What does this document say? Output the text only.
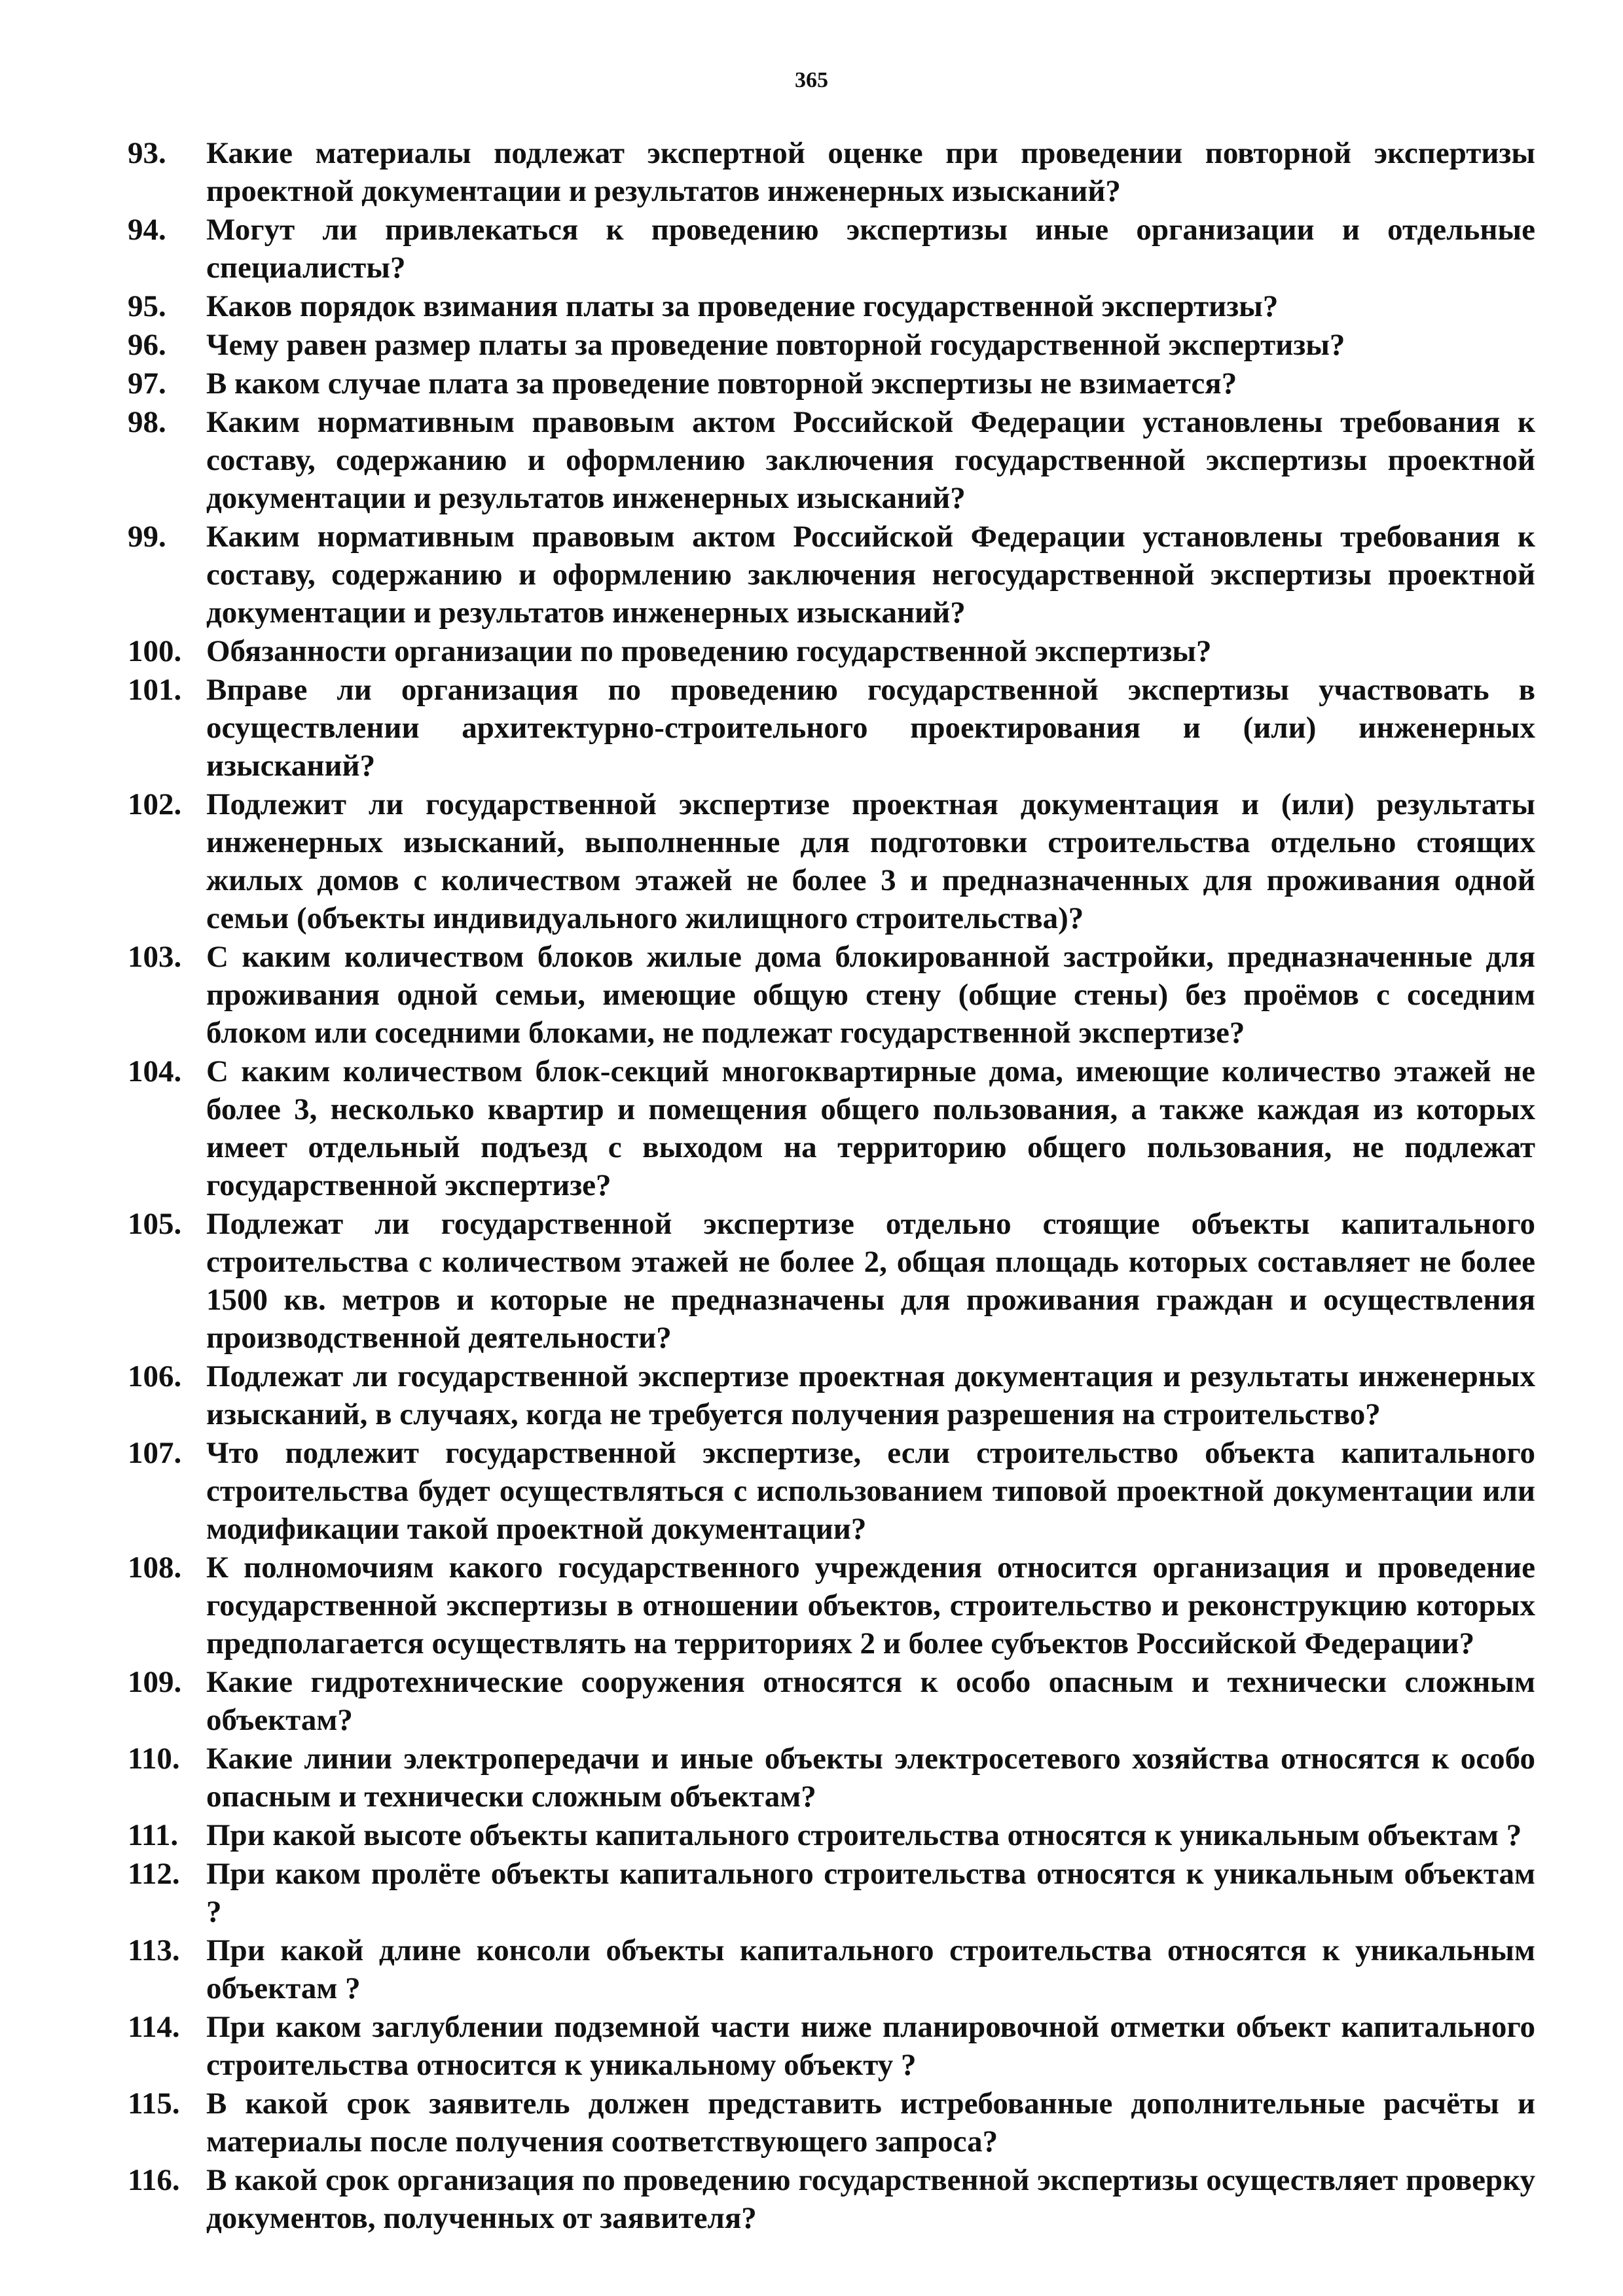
365
93.	Какие материалы подлежат экспертной оценке при проведении повторной экспертизы проектной документации и результатов инженерных изысканий?
94.	Могут ли привлекаться к проведению экспертизы иные организации и отдельные специалисты?
95.	Каков порядок взимания платы за проведение государственной экспертизы?
96.	Чему равен размер платы за проведение повторной государственной экспертизы?
97.	В каком случае плата за проведение повторной экспертизы не взимается?
98.	Каким нормативным правовым актом Российской Федерации установлены требования к составу, содержанию и оформлению заключения государственной экспертизы проектной документации и результатов инженерных изысканий?
99.	Каким нормативным правовым актом Российской Федерации установлены требования к составу, содержанию и оформлению заключения негосударственной экспертизы проектной документации и результатов инженерных изысканий?
100. Обязанности организации по проведению государственной экспертизы?
101. Вправе ли организация по проведению государственной экспертизы участвовать в осуществлении архитектурно-строительного проектирования и (или) инженерных изысканий?
102. Подлежит ли государственной экспертизе проектная документация и (или) результаты инженерных изысканий, выполненные для подготовки строительства отдельно стоящих жилых домов с количеством этажей не более 3 и предназначенных для проживания одной семьи (объекты индивидуального жилищного строительства)?
103. С каким количеством блоков жилые дома блокированной застройки, предназначенные для проживания одной семьи, имеющие общую стену (общие стены) без проёмов с соседним блоком или соседними блоками, не подлежат государственной экспертизе?
104. С каким количеством блок-секций многоквартирные дома, имеющие количество этажей не более 3, несколько квартир и помещения общего пользования, а также каждая из которых имеет отдельный подъезд с выходом на территорию общего пользования, не подлежат государственной экспертизе?
105. Подлежат ли государственной экспертизе отдельно стоящие объекты капитального строительства с количеством этажей не более 2, общая площадь которых составляет не более 1500 кв. метров и которые не предназначены для проживания граждан и осуществления производственной деятельности?
106. Подлежат ли государственной экспертизе проектная документация и результаты инженерных изысканий, в случаях, когда не требуется получения разрешения на строительство?
107. Что подлежит государственной экспертизе, если строительство объекта капитального строительства будет осуществляться с использованием типовой проектной документации или модификации такой проектной документации?
108. К полномочиям какого государственного учреждения относится организация и проведение государственной экспертизы в отношении объектов, строительство и реконструкцию которых предполагается осуществлять на территориях 2 и более субъектов Российской Федерации?
109. Какие гидротехнические сооружения относятся к особо опасным и технически сложным объектам?
110. Какие линии электропередачи и иные объекты электросетевого хозяйства относятся к особо опасным и технически сложным объектам?
111. При какой высоте объекты капитального строительства относятся к уникальным объектам ?
112. При каком пролёте объекты капитального строительства относятся к уникальным объектам ?
113. При какой длине консоли объекты капитального строительства относятся к уникальным объектам ?
114. При каком заглублении подземной части ниже планировочной отметки объект капитального строительства относится к уникальному объекту ?
115. В какой срок заявитель должен представить истребованные дополнительные расчёты и материалы после получения соответствующего запроса?
116. В какой срок организация по проведению государственной экспертизы осуществляет проверку документов, полученных от заявителя?
